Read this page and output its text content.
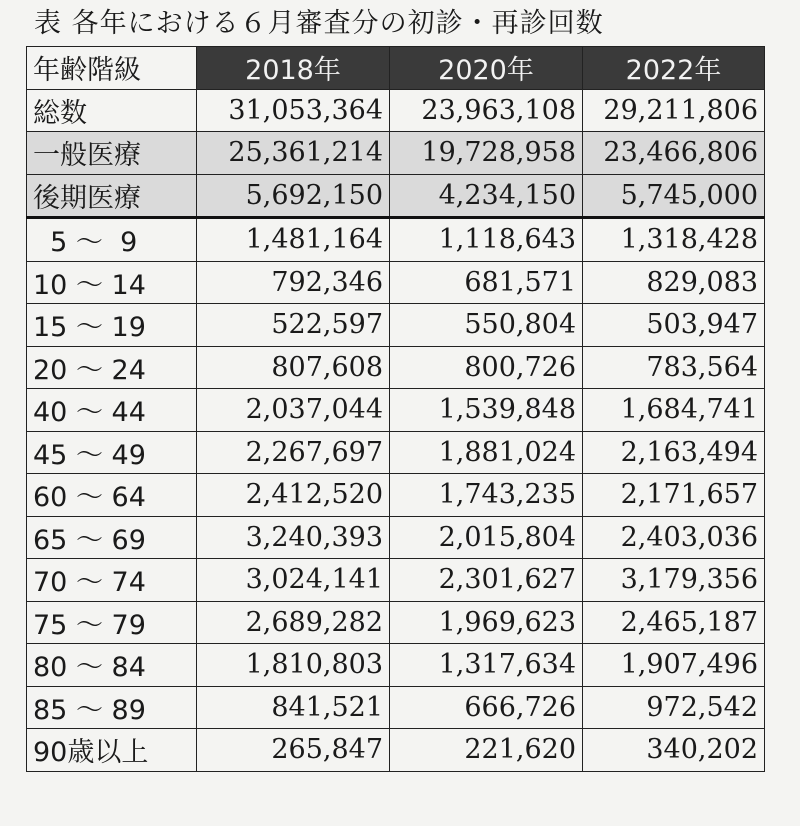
表 各年における６月審査分の初診・再診回数
年齢階級	2018年	2020年	2022年
総数	31,053,364	23,963,108	29,211,806
一般医療	25,361,214	19,728,958	23,466,806
後期医療	5,692,150	4,234,150	5,745,000
5 ～  9	1,481,164	1,118,643	1,318,428
10 ～ 14	792,346	681,571	829,083
15 ～ 19	522,597	550,804	503,947
20 ～ 24	807,608	800,726	783,564
40 ～ 44	2,037,044	1,539,848	1,684,741
45 ～ 49	2,267,697	1,881,024	2,163,494
60 ～ 64	2,412,520	1,743,235	2,171,657
65 ～ 69	3,240,393	2,015,804	2,403,036
70 ～ 74	3,024,141	2,301,627	3,179,356
75 ～ 79	2,689,282	1,969,623	2,465,187
80 ～ 84	1,810,803	1,317,634	1,907,496
85 ～ 89	841,521	666,726	972,542
90歳以上	265,847	221,620	340,202
